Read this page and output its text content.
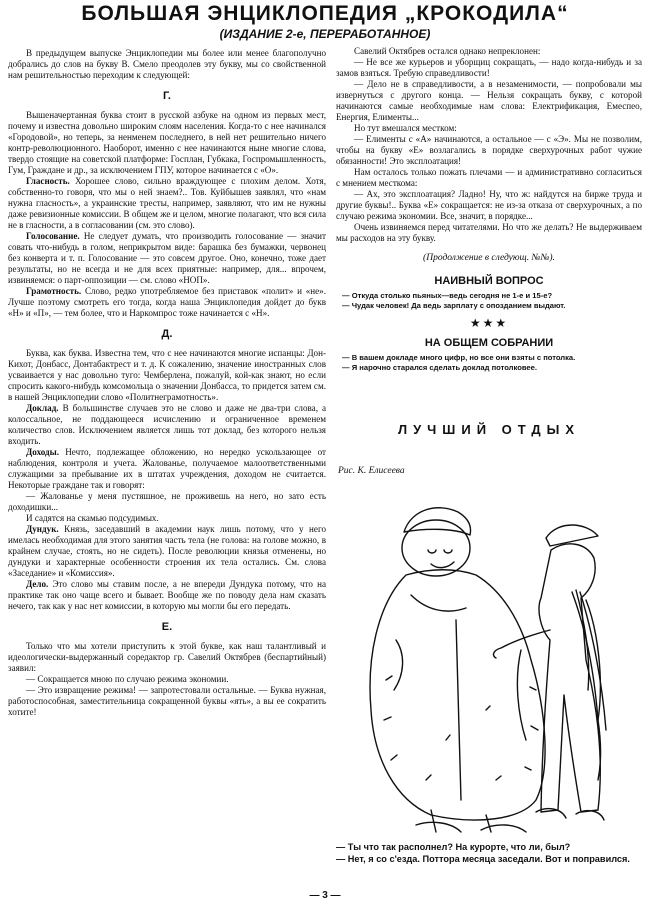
БОЛЬШАЯ ЭНЦИКЛОПЕДИЯ „КРОКОДИЛА“
(ИЗДАНИЕ 2-е, ПЕРЕРАБОТАННОЕ)

В предыдущем выпуске Энциклопедии мы более или менее благополучно добрались до слов на букву В. Смело преодолев эту букву, мы со свойственной нам решительностью переходим к следующей:

Г.

Вышеначертанная буква стоит в русской азбуке на одном из первых мест, почему и известна довольно широким слоям населения. Когда-то с нее начинался «Городовой», но теперь, за ненменем последнего, в ней нет решительно ничего контр-революционного. Наоборот, именно с нее начинаются ныне многие слова, твердо стоящие на советской платформе: Госплан, Губкака, Госпромышленность, Гум, Граждане и др., за исключением ГПУ, которое начинается с «О».

Гласность. Хорошее слово, сильно враждующее с плохим делом. Хотя, собственно-то говоря, что мы о ней знаем?.. Тов. Куйбышев заявлял, что «нам нужна гласность», а украинские тресты, например, заявляют, что им не нужны даже ревизионные комиссии. В общем же и целом, многие полагают, что вся сила не в гласности, а в согласовании (см. это слово).

Голосование. Не следует думать, что производить голосование — значит совать что-нибудь в голом, неприкрытом виде: барашка без бумажки, червонец без конверта и т. п. Голосование — это совсем другое. Оно, конечно, тоже дает результаты, но не всегда и не для всех приятные: например, для... впрочем, извиняемся: о парт-оппозиции — см. слово «НОП».

Грамотность. Слово, редко употребляемое без приставок «полит» и «не». Лучше поэтому смотреть его тогда, когда наша Энциклопедия дойдет до букв «Н» и «П», — тем более, что и Наркомпрос тоже начинается с «Н».

Д.

Буква, как буква. Известна тем, что с нее начинаются многие испанцы: Дон-Кихот, Донбасс, Донтабактрест и т. д. К сожалению, значение иностранных слов усваивается у нас довольно туго: Чемберлена, пожалуй, кой-как знают, но если спросить какого-нибудь комсомольца о значении Донбасса, то придется затем см. в нашей Энциклопедии слово «Политнеграмотность».

Доклад. В большинстве случаев это не слово и даже не два-три слова, а колоссальное, не поддающееся исчислению и ограниченное временем количество слов. Исключением является лишь тот доклад, без которого нельзя входить.

Доходы. Нечто, подлежащее обложению, но нередко ускользающее от наблюдения, контроля и учета. Жалованье, получаемое малоответственными служащими за пребывание их в штатах учреждения, доходом не считается. Некоторые граждане так и говорят:

— Жалованье у меня пустяшное, не проживешь на него, но зато есть доходишки...

И садятся на скамью подсудимых.

Дундук. Князь, заседавший в академии наук лишь потому, что у него имелась необходимая для этого занятия часть тела (не голова: на голове можно, в крайнем случае, стоять, но не сидеть). После революции князья отменены, но дундуки и характерные особенности строения их тела остались. См. слова «Заседание» и «Комиссия».

Дело. Это слово мы ставим после, а не впереди Дундука потому, что на практике так оно чаще всего и бывает. Вообще же по поводу дела нам сказать нечего, так как у нас нет комиссии, в которую мы могли бы его передать.

Е.

Только что мы хотели приступить к этой букве, как наш талантливый и идеологически-выдержанный соредактор гр. Савелий Октябрев (беспартийный) заявил:

— Сокращается мною по случаю режима экономии.

— Это извращение режима! — запротестовали остальные. — Буква нужная, работоспособная, заместительница сокращенной буквы «ять», а вы ее сократить хотите!

Савелий Октябрев остался однако непреклонен:

— Не все же курьеров и уборщиц сокращать, — надо когда-нибудь и за замов взяться. Требую справедливости!

— Дело не в справедливости, а в незаменимости, — попробовали мы извернуться с другого конца. — Нельзя сокращать букву, с которой начинаются самые необходимые нам слова: Електрификация, Емеспео, Енергия, Елименты...

Но тут вмешался местком:

— Елименты с «А» начинаются, а остальное — с «Э». Мы не позволим, чтобы на букву «Е» возлагались в порядке сверхурочных работ чужие обязанности! Это эксплоатация!

Нам осталось только пожать плечами — и административно согласиться с мнением месткома:

— Ах, это эксплоатация? Ладно! Ну, что ж: найдутся на бирже труда и другие буквы!.. Буква «Е» сокращается: не из-за отказа от сверхурочных, а по случаю режима экономии. Все, значит, в порядке...

Очень извиняемся перед читателями. Но что же делать? Не выдерживаем мы расходов на эту букву.

(Продолжение в следующ. №№).
НАИВНЫЙ ВОПРОС
— Откуда столько пьяных—ведь сегодня не 1-е и 15-е?
— Чудак человек! Да ведь зарплату с опозданием выдают.
★★★
НА ОБЩЕМ СОБРАНИИ
— В вашем докладе много цифр, но все они взяты с потолка.
— Я нарочно старался сделать доклад потолковее.
ЛУЧШИЙ ОТДЫХ
Рис. К. Елисеева
— Ты что так располнел? На курорте, что ли, был?
— Нет, я со с'езда. Поттора месяца заседали. Вот и поправился.
— 3 —
